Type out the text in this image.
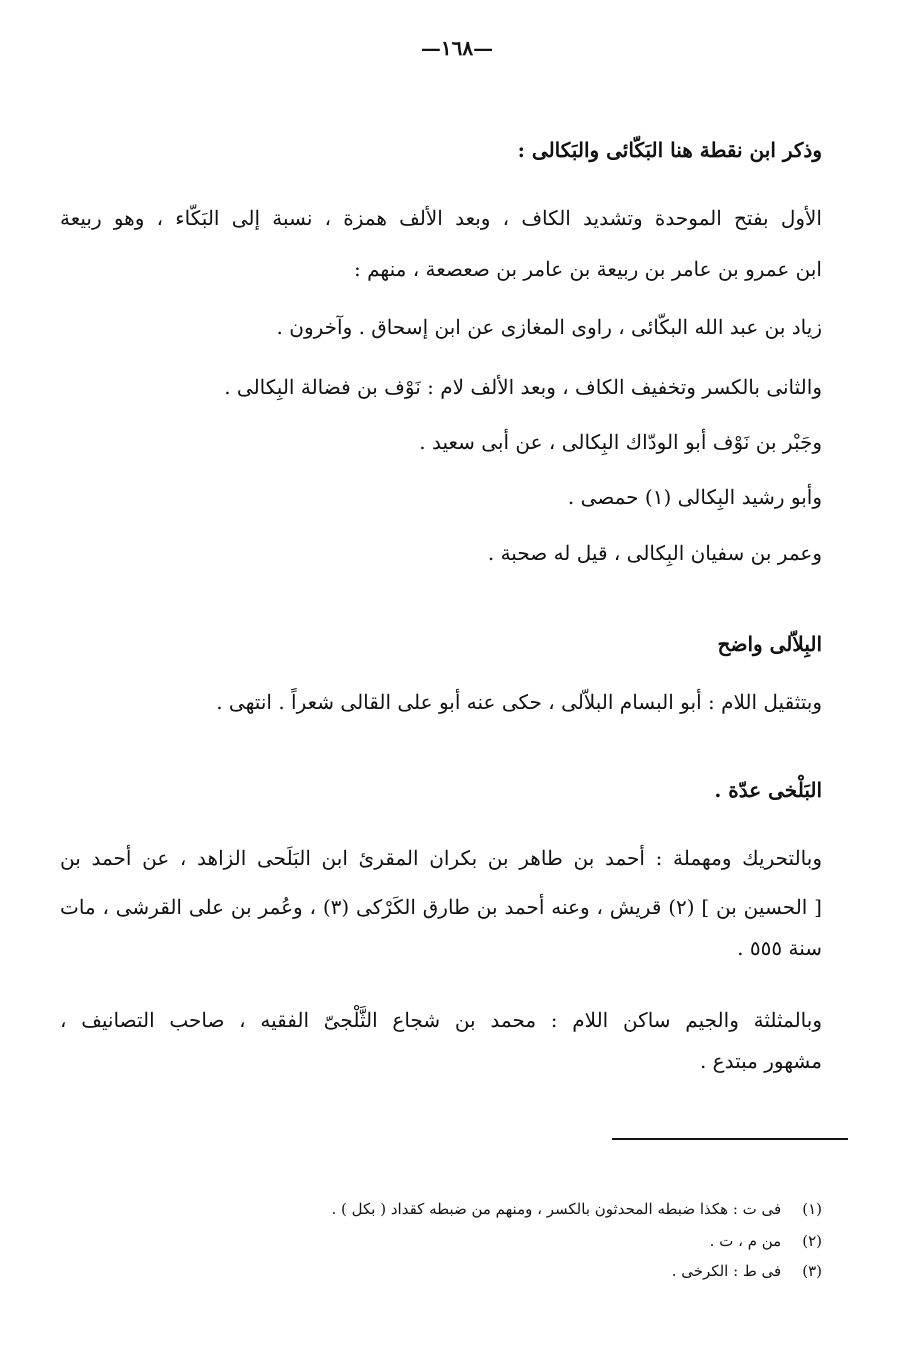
—١٦٨—
وذكر ابن نقطة هنا البَكّائى والبَكالى :
الأول بفتح الموحدة وتشديد الكاف ، وبعد الألف همزة ، نسبة إلى البَكّاء ، وهو ربيعة
ابن عمرو بن عامر بن ربيعة بن عامر بن صعصعة ، منهم :
زياد بن عبد الله البكّائى ، راوى المغازى عن ابن إسحاق . وآخرون .
والثانى بالكسر وتخفيف الكاف ، وبعد الألف لام : نَوْف بن فضالة البِكالى .
وجَبْر بن نَوْف أبو الودّاك البِكالى ، عن أبى سعيد .
وأبو رشيد البِكالى (١) حمصى .
وعمر بن سفيان البِكالى ، قيل له صحبة .
البِلاّلى واضح
وبتثقيل اللام : أبو البسام البلاّلى ، حكى عنه أبو على القالى شعراً . انتهى .
البَلْخى عدّة .
وبالتحريك ومهملة : أحمد بن طاهر بن بكران المقرئ ابن البَلَحى الزاهد ، عن أحمد بن
[ الحسين بن ] (٢) قريش ، وعنه أحمد بن طارق الكَرْكى (٣) ، وعُمر بن على القرشى ، مات
سنة ٥٥٥ .
وبالمثلثة والجيم ساكن اللام : محمد بن شجاع الثَّلْجىّ الفقيه ، صاحب التصانيف ،
مشهور مبتدع .
(١) فى ت : هكذا ضبطه المحدثون بالكسر ، ومنهم من ضبطه كقداد ( بكل ) .
(٢) من م ، ت .
(٣) فى ط : الكرخى .
